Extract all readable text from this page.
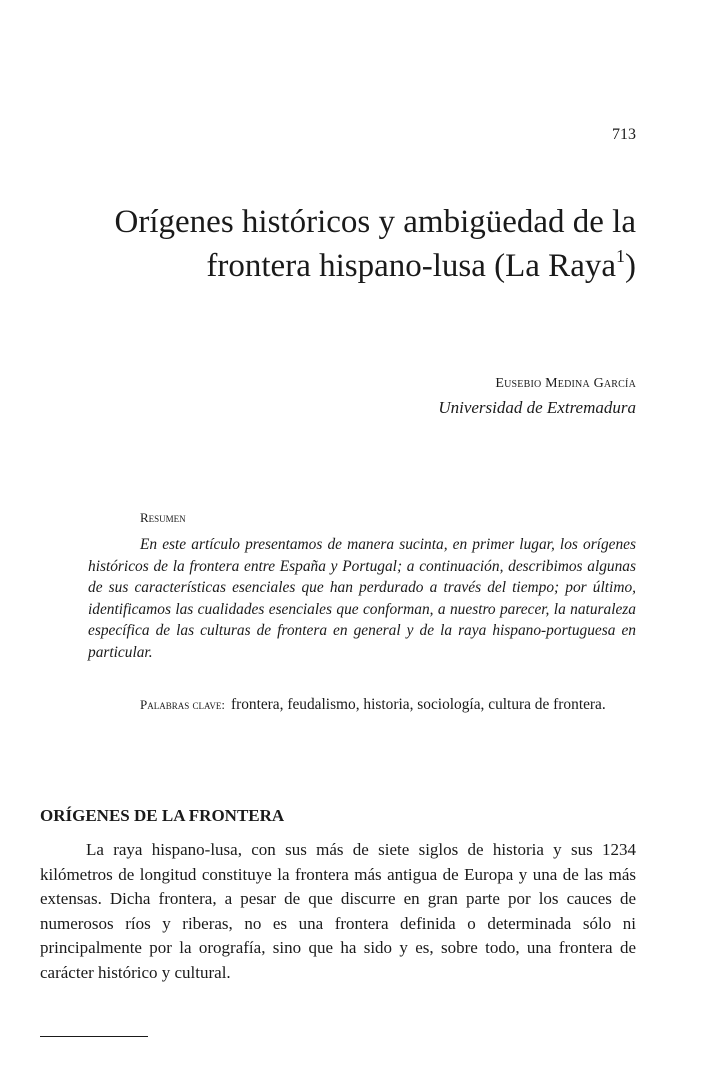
713
Orígenes históricos y ambigüedad de la
frontera hispano-lusa (La Raya$^1$)
Eusebio Medina García
Universidad de Extremadura
Resumen

En este artículo presentamos de manera sucinta, en primer lugar, los orígenes históricos de la frontera entre España y Portugal; a continuación, describimos algunas de sus características esenciales que han perdurado a través del tiempo; por último, identificamos las cualidades esenciales que conforman, a nuestro parecer, la naturaleza específica de las culturas de frontera en general y de la raya hispano-portuguesa en particular.

Palabras clave: frontera, feudalismo, historia, sociología, cultura de frontera.
ORÍGENES DE LA FRONTERA

La raya hispano-lusa, con sus más de siete siglos de historia y sus 1234 kilómetros de longitud constituye la frontera más antigua de Europa y una de las más extensas. Dicha frontera, a pesar de que discurre en gran parte por los cauces de numerosos ríos y riberas, no es una frontera definida o determinada sólo ni principalmente por la orografía, sino que ha sido y es, sobre todo, una frontera de carácter histórico y cultural.
